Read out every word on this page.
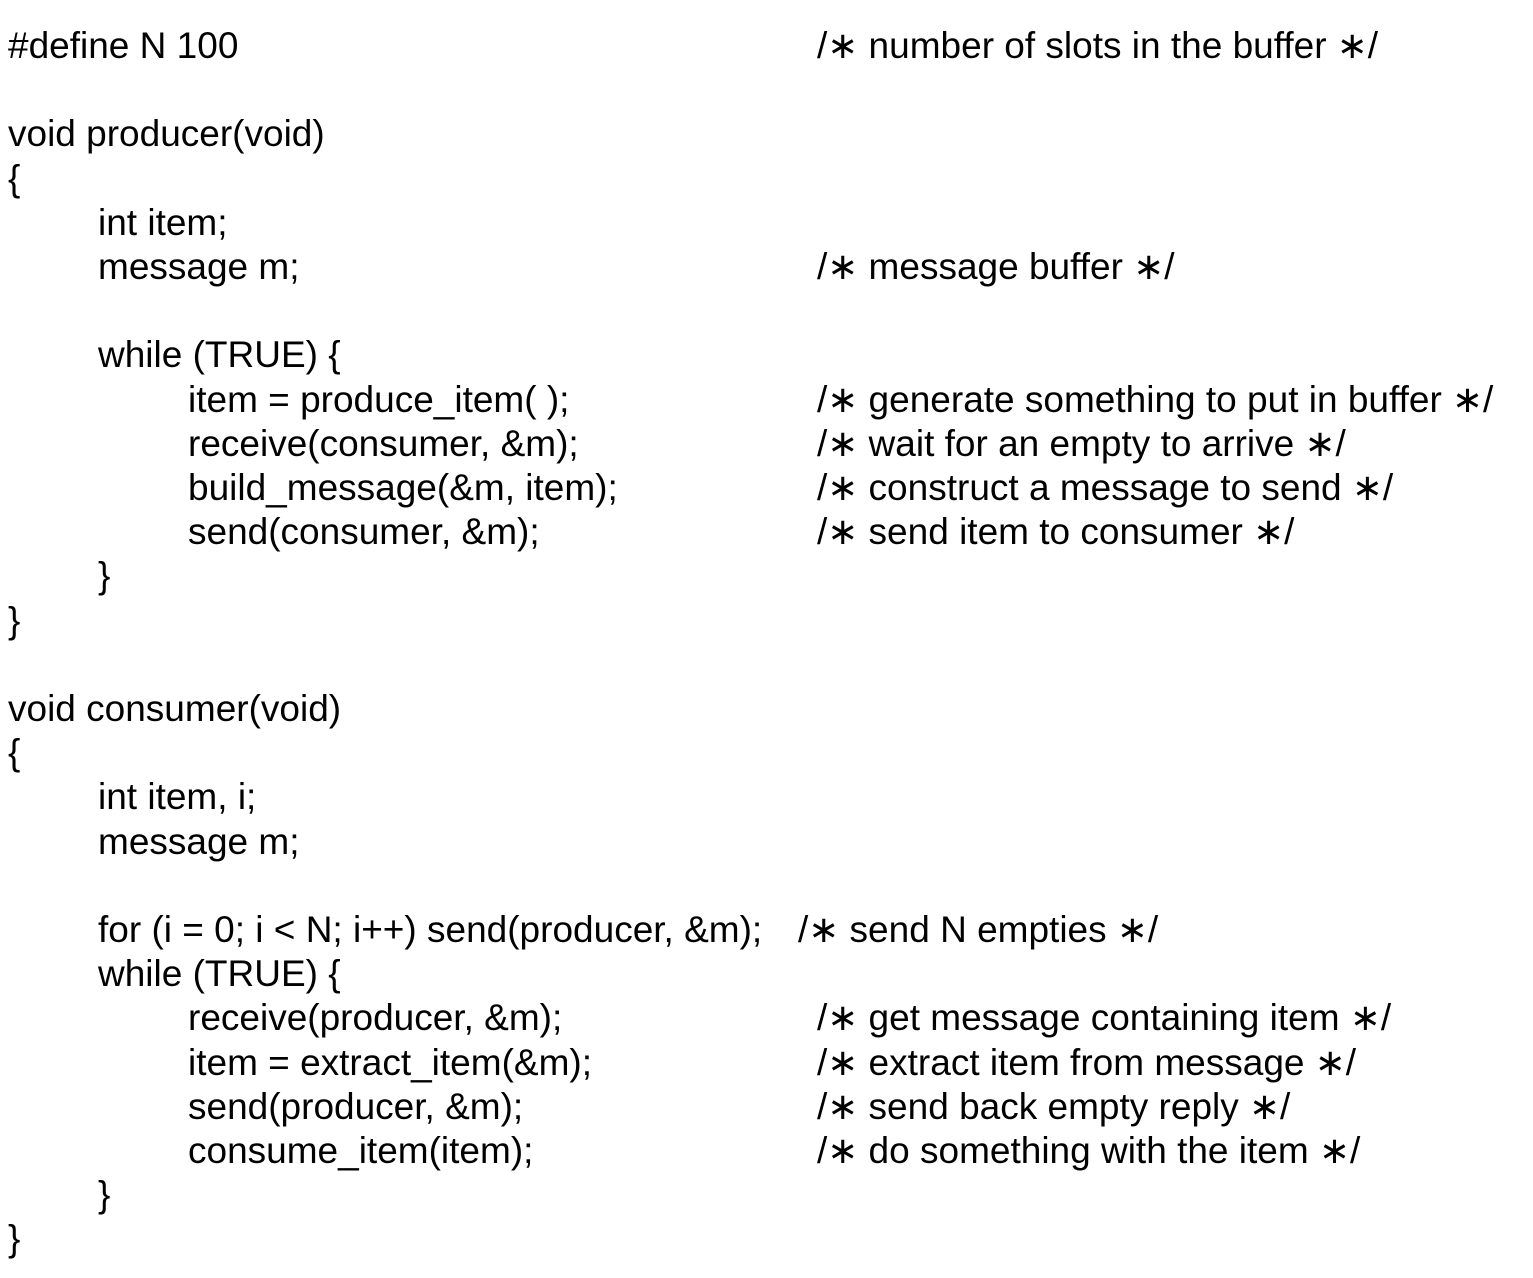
#define N 100	/∗ number of slots in the buffer ∗/
void producer(void)
{
int item;
message m;	/∗ message buffer ∗/
while (TRUE) {
item = produce_item( );	/∗ generate something to put in buffer ∗/
receive(consumer, &m);	/∗ wait for an empty to arrive ∗/
build_message(&m, item);	/∗ construct a message to send ∗/
send(consumer, &m);	/∗ send item to consumer ∗/
}
}
void consumer(void)
{
int item, i;
message m;
for (i = 0; i < N; i++) send(producer, &m); /∗ send N empties ∗/
while (TRUE) {
receive(producer, &m);	/∗ get message containing item ∗/
item = extract_item(&m);	/∗ extract item from message ∗/
send(producer, &m);	/∗ send back empty reply ∗/
consume_item(item);	/∗ do something with the item ∗/
}
}
